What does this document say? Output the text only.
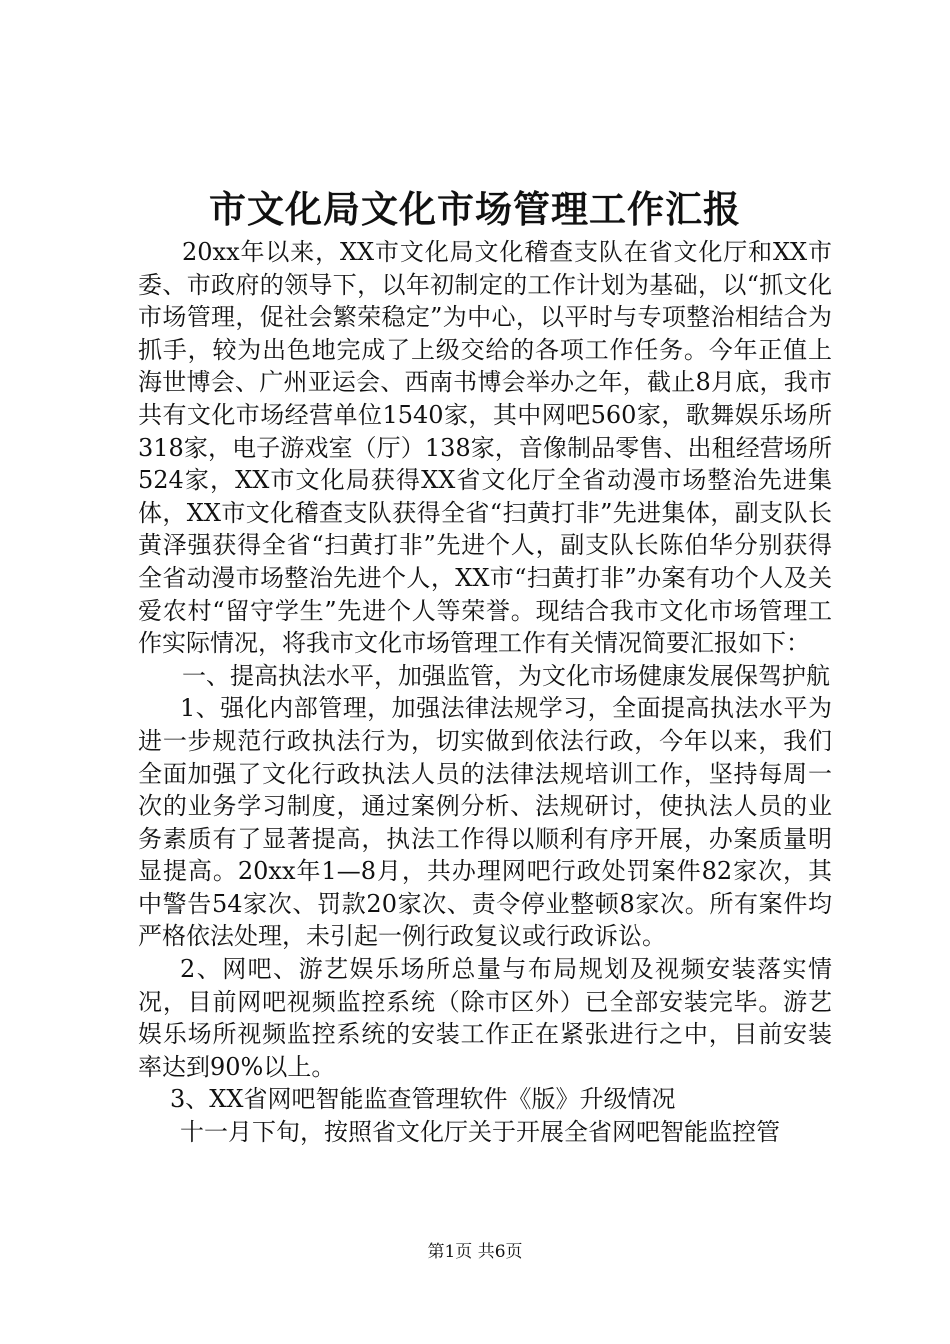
市文化局文化市场管理工作汇报

20xx年以来，XX市文化局文化稽查支队在省文化厅和XX市委、市政府的领导下，以年初制定的工作计划为基础，以“抓文化市场管理，促社会繁荣稳定”为中心，以平时与专项整治相结合为抓手，较为出色地完成了上级交给的各项工作任务。今年正值上海世博会、广州亚运会、西南书博会举办之年，截止8月底，我市共有文化市场经营单位1540家，其中网吧560家，歌舞娱乐场所318家，电子游戏室（厅）138家，音像制品零售、出租经营场所524家，XX市文化局获得XX省文化厅全省动漫市场整治先进集体，XX市文化稽查支队获得全省“扫黄打非”先进集体，副支队长黄泽强获得全省“扫黄打非”先进个人，副支队长陈伯华分别获得全省动漫市场整治先进个人，XX市“扫黄打非”办案有功个人及关爱农村“留守学生”先进个人等荣誉。现结合我市文化市场管理工作实际情况，将我市文化市场管理工作有关情况简要汇报如下：

一、提高执法水平，加强监管，为文化市场健康发展保驾护航

1、强化内部管理，加强法律法规学习，全面提高执法水平为进一步规范行政执法行为，切实做到依法行政，今年以来，我们全面加强了文化行政执法人员的法律法规培训工作，坚持每周一次的业务学习制度，通过案例分析、法规研讨，使执法人员的业务素质有了显著提高，执法工作得以顺利有序开展，办案质量明显提高。20xx年1—8月，共办理网吧行政处罚案件82家次，其中警告54家次、罚款20家次、责令停业整顿8家次。所有案件均严格依法处理，未引起一例行政复议或行政诉讼。

2、网吧、游艺娱乐场所总量与布局规划及视频安装落实情况，目前网吧视频监控系统（除市区外）已全部安装完毕。游艺娱乐场所视频监控系统的安装工作正在紧张进行之中，目前安装率达到90%以上。

3、XX省网吧智能监查管理软件《版》升级情况

十一月下旬，按照省文化厅关于开展全省网吧智能监控管

第1页 共6页
